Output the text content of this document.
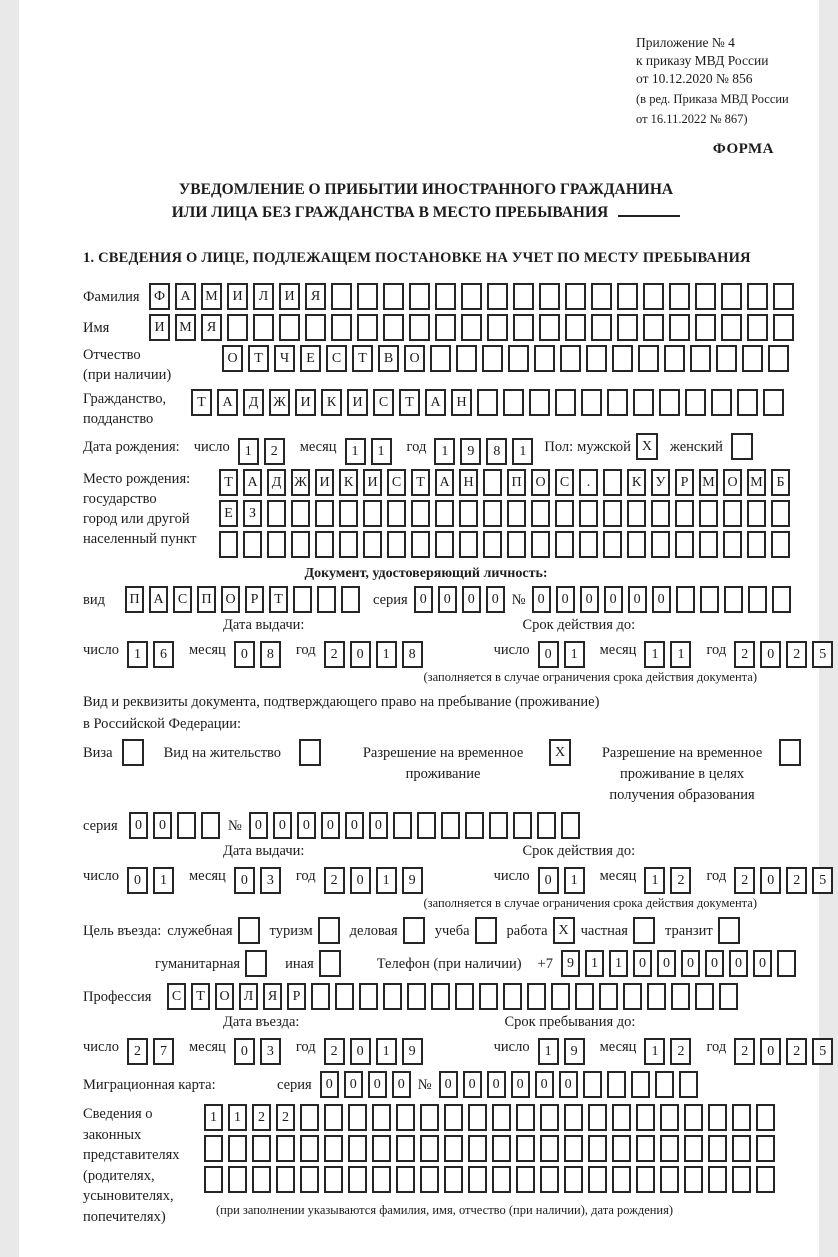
Приложение № 4
к приказу МВД России
от 10.12.2020 № 856
(в ред. Приказа МВД России
от 16.11.2022 № 867)
ФОРМА
УВЕДОМЛЕНИЕ О ПРИБЫТИИ ИНОСТРАННОГО ГРАЖДАНИНА
ИЛИ ЛИЦА БЕЗ ГРАЖДАНСТВА В МЕСТО ПРЕБЫВАНИЯ
1. СВЕДЕНИЯ О ЛИЦЕ, ПОДЛЕЖАЩЕМ ПОСТАНОВКЕ НА УЧЕТ ПО МЕСТУ ПРЕБЫВАНИЯ
Фамилия	Ф А М И Л И Я
Имя	И М Я
Отчество
(при наличии)
О Т Ч Е С Т В О
Гражданство,
подданство
Т А Д Ж И К И С Т А Н
Дата рождения: число 1 2 месяц 1 1 год 1 9 8 1	Пол: мужской X	женский
Место рождения:
государство
город или другой
населенный пункт
Т А Д Ж И К И С Т А Н	П О С .	К У Р М О М Б
Е З
Документ, удостоверяющий личность:
вид	П А С П О Р Т	серия 0 0 0 0 № 0 0 0 0 0 0
Дата выдачи:	Срок действия до:
число 1 6 месяц 0 8 год 2 0 1 8	число 0 1 месяц 1 1 год 2 0 2 5
(заполняется в случае ограничения срока действия документа)
Вид и реквизиты документа, подтверждающего право на пребывание (проживание)
в Российской Федерации:
Виза	Вид на жительство	Разрешение на временное проживание
X	Разрешение на временное проживание в целях получения образования
серия	0 0	№ 0 0 0 0 0 0
Дата выдачи:	Срок действия до:
число 0 1 месяц 0 3 год 2 0 1 9	число 0 1 месяц 1 2 год 2 0 2 5
(заполняется в случае ограничения срока действия документа)
Цель въезда: служебная	туризм	деловая	учеба	работа X частная	транзит
гуманитарная	иная	Телефон (при наличии) +7	9 1 1 0 0 0 0 0 0
Профессия	С Т О Л Я Р
Дата въезда:	Срок пребывания до:
число 2 7 месяц 0 3 год 2 0 1 9	число 1 9 месяц 1 2 год 2 0 2 5
Миграционная карта:	серия	0 0 0 0 № 0 0 0 0 0 0
Сведения о
законных
представителях
(родителях,
усыновителях,
попечителях)
1 1 2 2
(при заполнении указываются фамилия, имя, отчество (при наличии), дата рождения)
